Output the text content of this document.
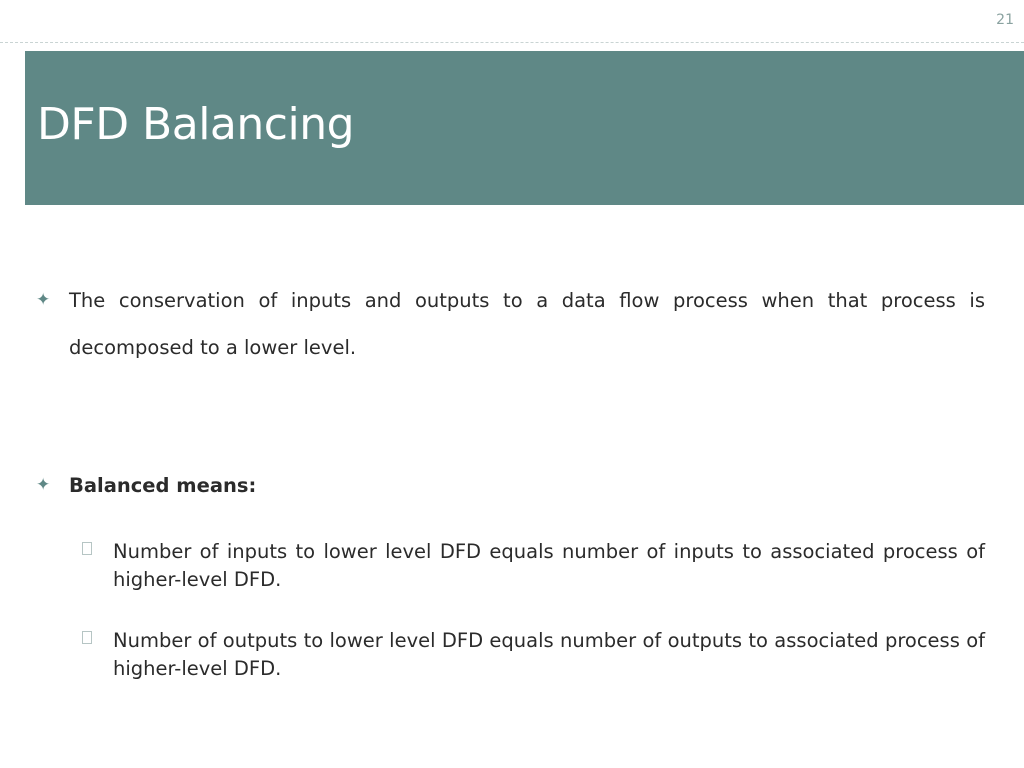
21
DFD Balancing
✦ The conservation of inputs and outputs to a data flow process when that process is decomposed to a lower level.
✦ Balanced means:
Number of inputs to lower level DFD equals number of inputs to associated process of higher-level DFD.
Number of outputs to lower level DFD equals number of outputs to associated process of higher-level DFD.
